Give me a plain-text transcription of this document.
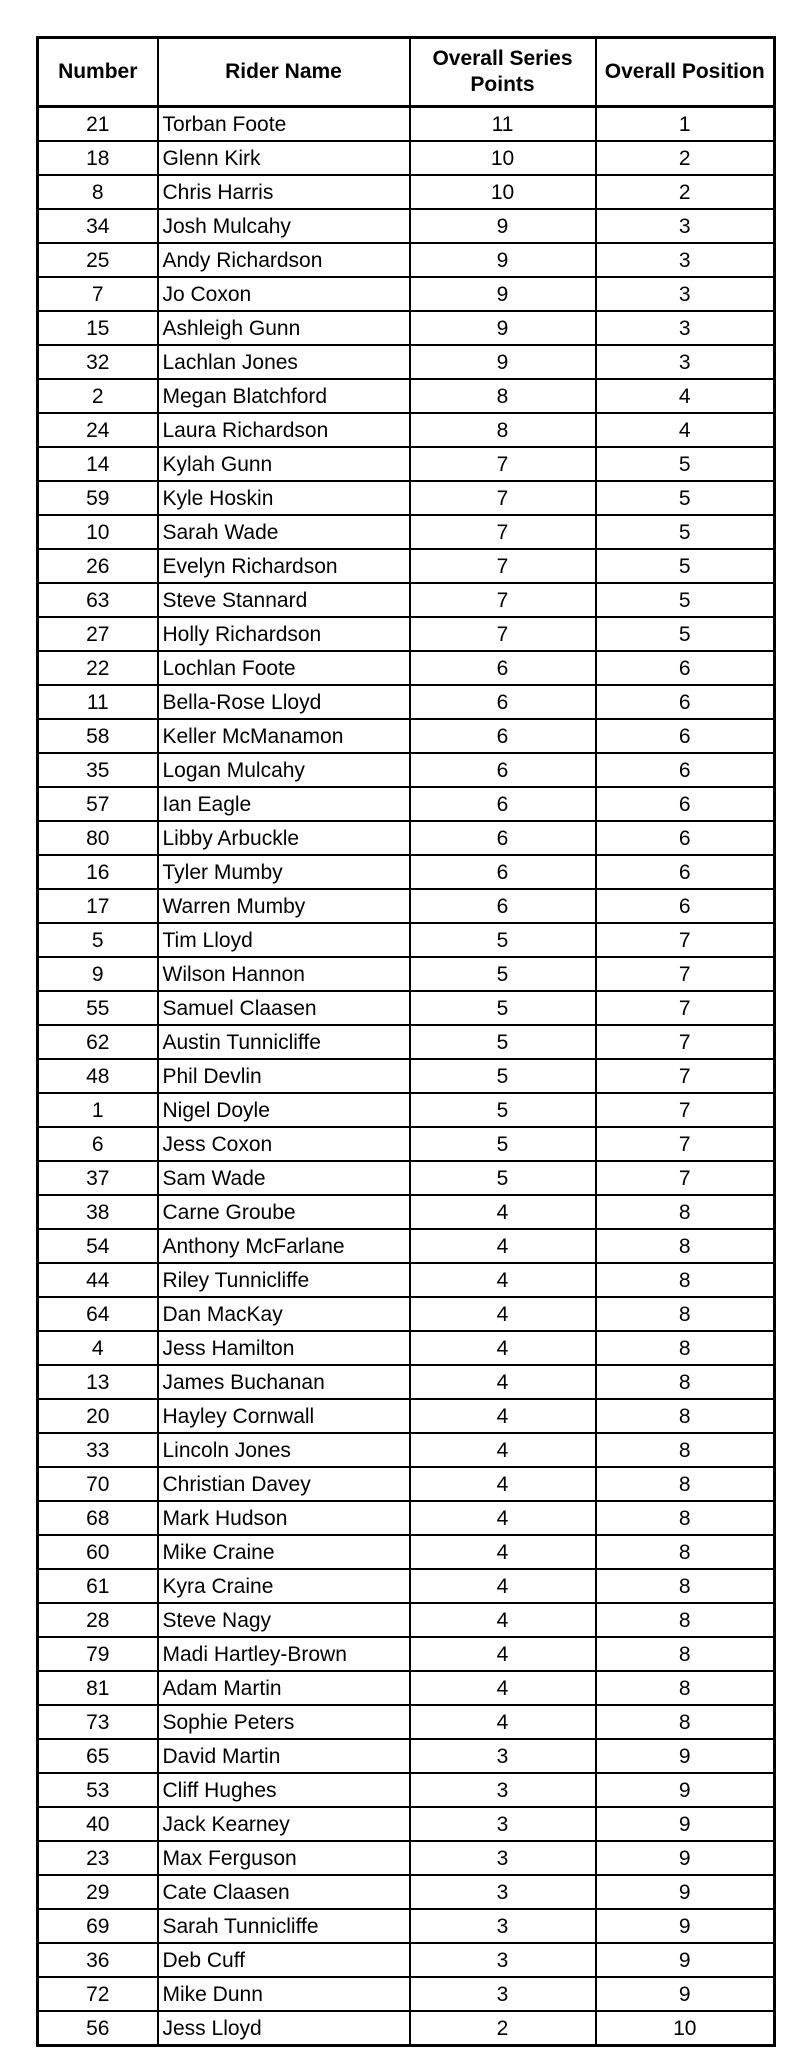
Number	Rider Name	Overall Series Points	Overall Position
21	Torban Foote	11	1
18	Glenn Kirk	10	2
8	Chris Harris	10	2
34	Josh Mulcahy	9	3
25	Andy Richardson	9	3
7	Jo Coxon	9	3
15	Ashleigh Gunn	9	3
32	Lachlan Jones	9	3
2	Megan Blatchford	8	4
24	Laura Richardson	8	4
14	Kylah Gunn	7	5
59	Kyle Hoskin	7	5
10	Sarah Wade	7	5
26	Evelyn Richardson	7	5
63	Steve Stannard	7	5
27	Holly Richardson	7	5
22	Lochlan Foote	6	6
11	Bella-Rose Lloyd	6	6
58	Keller McManamon	6	6
35	Logan Mulcahy	6	6
57	Ian Eagle	6	6
80	Libby Arbuckle	6	6
16	Tyler Mumby	6	6
17	Warren Mumby	6	6
5	Tim Lloyd	5	7
9	Wilson Hannon	5	7
55	Samuel Claasen	5	7
62	Austin Tunnicliffe	5	7
48	Phil Devlin	5	7
1	Nigel Doyle	5	7
6	Jess Coxon	5	7
37	Sam Wade	5	7
38	Carne Groube	4	8
54	Anthony McFarlane	4	8
44	Riley Tunnicliffe	4	8
64	Dan MacKay	4	8
4	Jess Hamilton	4	8
13	James Buchanan	4	8
20	Hayley Cornwall	4	8
33	Lincoln Jones	4	8
70	Christian Davey	4	8
68	Mark Hudson	4	8
60	Mike Craine	4	8
61	Kyra Craine	4	8
28	Steve Nagy	4	8
79	Madi Hartley-Brown	4	8
81	Adam Martin	4	8
73	Sophie Peters	4	8
65	David Martin	3	9
53	Cliff Hughes	3	9
40	Jack Kearney	3	9
23	Max Ferguson	3	9
29	Cate Claasen	3	9
69	Sarah Tunnicliffe	3	9
36	Deb Cuff	3	9
72	Mike Dunn	3	9
56	Jess Lloyd	2	10
